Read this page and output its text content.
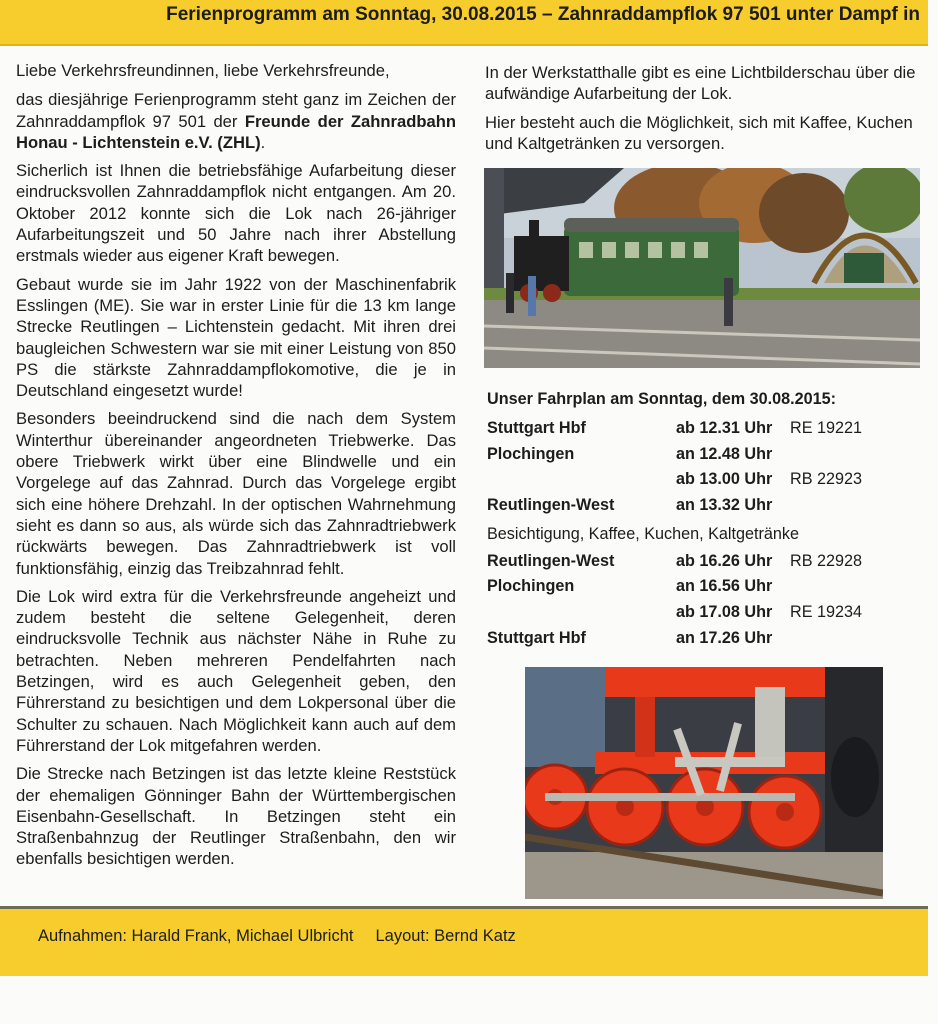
Ferienprogramm am Sonntag, 30.08.2015 – Zahnraddampflok 97 501 unter Dampf in

Liebe Verkehrsfreundinnen, liebe Verkehrsfreunde,

das diesjährige Ferienprogramm steht ganz im Zeichen der Zahnraddampflok 97 501 der Freunde der Zahnradbahn Honau - Lichtenstein e.V. (ZHL).

Sicherlich ist Ihnen die betriebsfähige Aufarbeitung dieser eindrucksvollen Zahnraddampflok nicht entgangen. Am 20. Oktober 2012 konnte sich die Lok nach 26-jähriger Aufarbeitungszeit und 50 Jahre nach ihrer Abstellung erstmals wieder aus eigener Kraft bewegen.

Gebaut wurde sie im Jahr 1922 von der Maschinenfabrik Esslingen (ME). Sie war in erster Linie für die 13 km lange Strecke Reutlingen – Lichtenstein gedacht. Mit ihren drei baugleichen Schwestern war sie mit einer Leistung von 850 PS die stärkste Zahnraddampflokomotive, die je in Deutschland eingesetzt wurde!

Besonders beeindruckend sind die nach dem System Winterthur übereinander angeordneten Triebwerke. Das obere Triebwerk wirkt über eine Blindwelle und ein Vorgelege auf das Zahnrad. Durch das Vorgelege ergibt sich eine höhere Drehzahl. In der optischen Wahrnehmung sieht es dann so aus, als würde sich das Zahnradtriebwerk rückwärts bewegen. Das Zahnradtriebwerk ist voll funktionsfähig, einzig das Treibzahnrad fehlt.

Die Lok wird extra für die Verkehrsfreunde angeheizt und zudem besteht die seltene Gelegenheit, deren eindrucksvolle Technik aus nächster Nähe in Ruhe zu betrachten. Neben mehreren Pendelfahrten nach Betzingen, wird es auch Gelegenheit geben, den Führerstand zu besichtigen und dem Lokpersonal über die Schulter zu schauen. Nach Möglichkeit kann auch auf dem Führerstand der Lok mitgefahren werden.

Die Strecke nach Betzingen ist das letzte kleine Reststück der ehemaligen Gönninger Bahn der Württembergischen Eisenbahn-Gesellschaft. In Betzingen steht ein Straßenbahnzug der Reutlinger Straßenbahn, den wir ebenfalls besichtigen werden.

In der Werkstatthalle gibt es eine Lichtbilderschau über die aufwändige Aufarbeitung der Lok.

Hier besteht auch die Möglichkeit, sich mit Kaffee, Kuchen und Kaltgetränken zu versorgen.

Unser Fahrplan am Sonntag, dem 30.08.2015:
Stuttgart Hbf	ab 12.31 Uhr RE 19221
Plochingen	an 12.48 Uhr
ab 13.00 Uhr RB 22923
Reutlingen-West	an 13.32 Uhr
Besichtigung, Kaffee, Kuchen, Kaltgetränke
Reutlingen-West	ab 16.26 Uhr RB 22928
Plochingen	an 16.56 Uhr
ab 17.08 Uhr RE 19234
Stuttgart Hbf	an 17.26 Uhr
Aufnahmen: Harald Frank, Michael Ulbricht Layout: Bernd Katz
